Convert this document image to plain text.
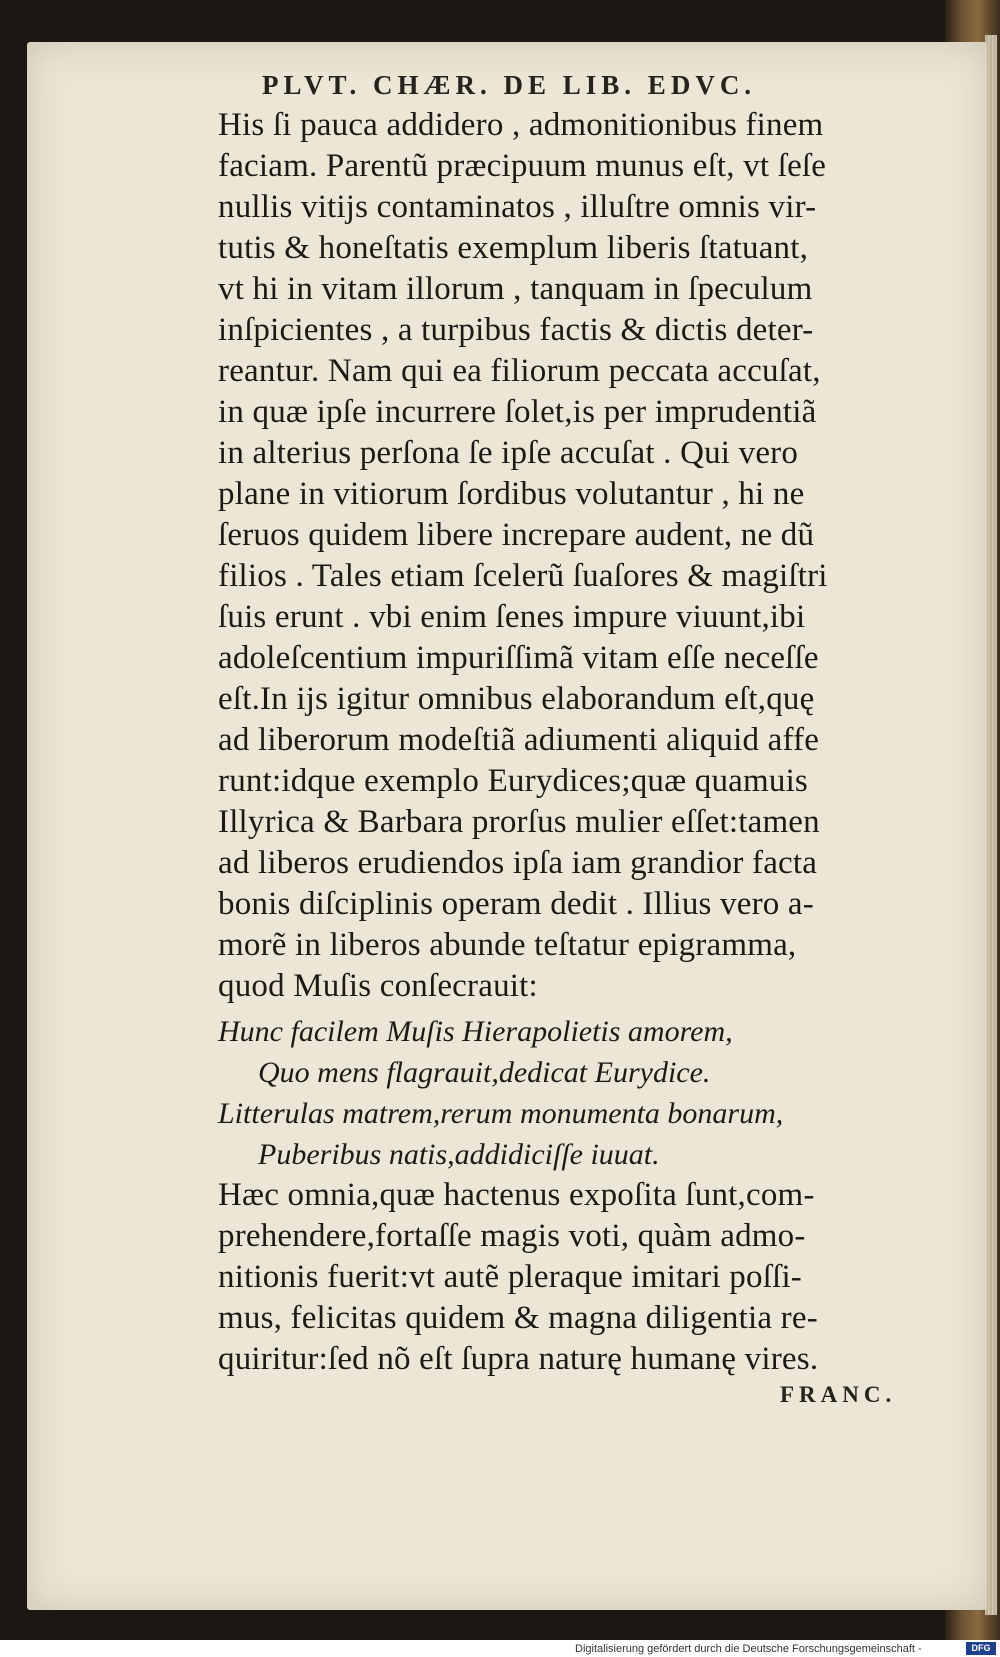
PLVT. CHÆR. DE LIB. EDVC.
His ſi pauca addidero , admonitionibus finem
faciam. Parentũ præcipuum munus eſt, vt ſeſe
nullis vitijs contaminatos , illuſtre omnis vir-
tutis & honeſtatis exemplum liberis ſtatuant,
vt hi in vitam illorum , tanquam in ſpeculum
inſpicientes , a turpibus factis & dictis deter-
reantur. Nam qui ea filiorum peccata accuſat,
in quæ ipſe incurrere ſolet,is per imprudentiã
in alterius perſona ſe ipſe accuſat . Qui vero
plane in vitiorum ſordibus volutantur , hi ne
ſeruos quidem libere increpare audent, ne dũ
filios . Tales etiam ſcelerũ ſuaſores & magiſtri
ſuis erunt . vbi enim ſenes impure viuunt,ibi
adoleſcentium impuriſſimã vitam eſſe neceſſe
eſt.In ijs igitur omnibus elaborandum eſt,quę
ad liberorum modeſtiã adiumenti aliquid affe
runt:idque exemplo Eurydices;quæ quamuis
Illyrica & Barbara prorſus mulier eſſet:tamen
ad liberos erudiendos ipſa iam grandior facta
bonis diſciplinis operam dedit . Illius vero a-
morẽ in liberos abunde teſtatur epigramma,
quod Muſis conſecrauit:
Hunc facilem Muſis Hierapolietis amorem,
Quo mens flagrauit,dedicat Eurydice.
Litterulas matrem,rerum monumenta bonarum,
Puberibus natis,addidiciſſe iuuat.
Hæc omnia,quæ hactenus expoſita ſunt,com-
prehendere,fortaſſe magis voti, quàm admo-
nitionis fuerit:vt autẽ pleraque imitari poſſi-
mus, felicitas quidem & magna diligentia re-
quiritur:ſed nõ eſt ſupra naturę humanę vires.
FRANC.
Digitalisierung gefördert durch die Deutsche Forschungsgemeinschaft -	DFG
